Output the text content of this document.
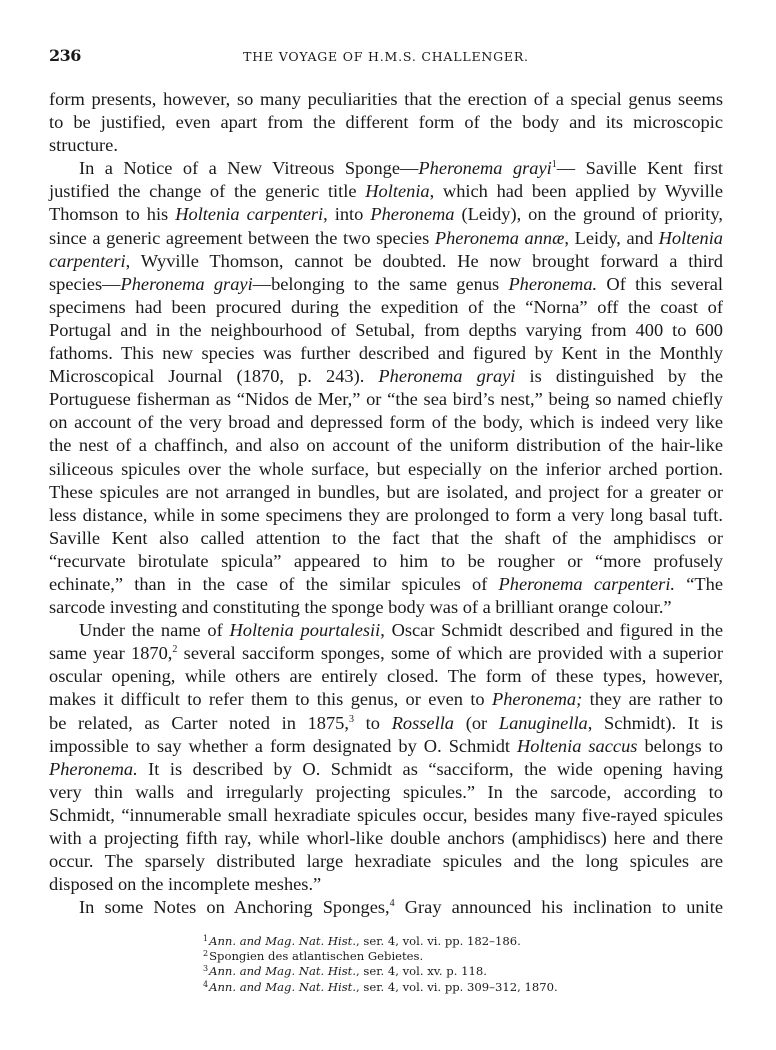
236	THE VOYAGE OF H.M.S. CHALLENGER.
form presents, however, so many peculiarities that the erection of a special genus seems
to be justified, even apart from the different form of the body and its microscopic
structure.
In a Notice of a New Vitreous Sponge—Pheronema grayi$^1$— Saville Kent first
justified the change of the generic title Holtenia, which had been applied by Wyville
Thomson to his Holtenia carpenteri, into Pheronema (Leidy), on the ground of priority,
since a generic agreement between the two species Pheronema annæ, Leidy, and Holtenia
carpenteri, Wyville Thomson, cannot be doubted. He now brought forward a third
species—Pheronema grayi—belonging to the same genus Pheronema. Of this several
specimens had been procured during the expedition of the “Norna” off the coast of
Portugal and in the neighbourhood of Setubal, from depths varying from 400 to 600
fathoms. This new species was further described and figured by Kent in the Monthly
Microscopical Journal (1870, p. 243). Pheronema grayi is distinguished by the
Portuguese fisherman as “Nidos de Mer,” or “the sea bird’s nest,” being so named chiefly
on account of the very broad and depressed form of the body, which is indeed very like
the nest of a chaffinch, and also on account of the uniform distribution of the hair-like
siliceous spicules over the whole surface, but especially on the inferior arched portion.
These spicules are not arranged in bundles, but are isolated, and project for a greater or
less distance, while in some specimens they are prolonged to form a very long basal tuft.
Saville Kent also called attention to the fact that the shaft of the amphidiscs or
“recurvate birotulate spicula” appeared to him to be rougher or “more profusely
echinate,” than in the case of the similar spicules of Pheronema carpenteri. “The
sarcode investing and constituting the sponge body was of a brilliant orange colour.”
Under the name of Holtenia pourtalesii, Oscar Schmidt described and figured in the
same year 1870,$^2$ several sacciform sponges, some of which are provided with a superior
oscular opening, while others are entirely closed. The form of these types, however,
makes it difficult to refer them to this genus, or even to Pheronema; they are rather to
be related, as Carter noted in 1875,$^3$ to Rossella (or Lanuginella, Schmidt). It is
impossible to say whether a form designated by O. Schmidt Holtenia saccus belongs to
Pheronema. It is described by O. Schmidt as “sacciform, the wide opening having
very thin walls and irregularly projecting spicules.” In the sarcode, according to
Schmidt, “innumerable small hexradiate spicules occur, besides many five-rayed spicules
with a projecting fifth ray, while whorl-like double anchors (amphidiscs) here and there
occur. The sparsely distributed large hexradiate spicules and the long spicules are
disposed on the incomplete meshes.”
In some Notes on Anchoring Sponges,$^4$ Gray announced his inclination to unite
$^1$Ann. and Mag. Nat. Hist., ser. 4, vol. vi. pp. 182–186.
$^2$Spongien des atlantischen Gebietes.
$^3$Ann. and Mag. Nat. Hist., ser. 4, vol. xv. p. 118.
$^4$Ann. and Mag. Nat. Hist., ser. 4, vol. vi. pp. 309–312, 1870.
